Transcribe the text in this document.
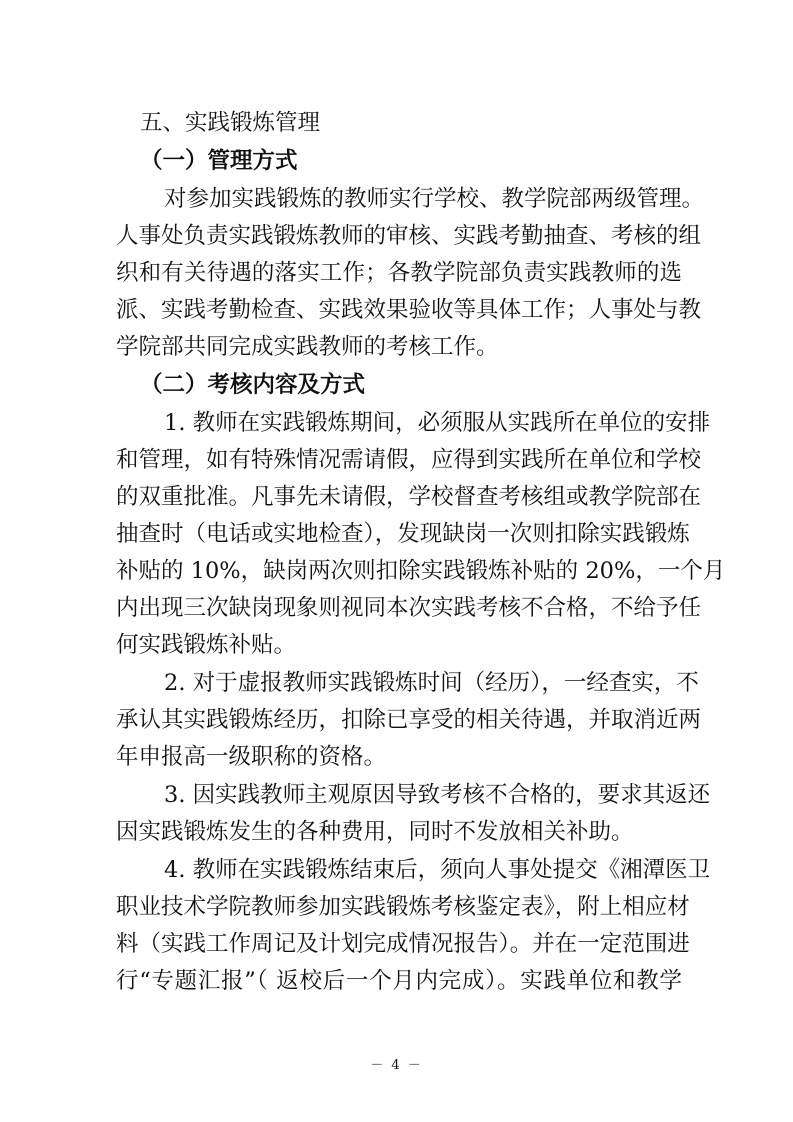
五、实践锻炼管理
（一）管理方式
对参加实践锻炼的教师实行学校、教学院部两级管理。
人事处负责实践锻炼教师的审核、实践考勤抽查、考核的组
织和有关待遇的落实工作；各教学院部负责实践教师的选
派、实践考勤检查、实践效果验收等具体工作；人事处与教
学院部共同完成实践教师的考核工作。
（二）考核内容及方式
1. 教师在实践锻炼期间，必须服从实践所在单位的安排
和管理，如有特殊情况需请假，应得到实践所在单位和学校
的双重批准。凡事先未请假，学校督查考核组或教学院部在
抽查时（电话或实地检查），发现缺岗一次则扣除实践锻炼
补贴的 10%，缺岗两次则扣除实践锻炼补贴的 20%，一个月
内出现三次缺岗现象则视同本次实践考核不合格，不给予任
何实践锻炼补贴。
2. 对于虚报教师实践锻炼时间（经历），一经查实，不
承认其实践锻炼经历，扣除已享受的相关待遇，并取消近两
年申报高一级职称的资格。
3. 因实践教师主观原因导致考核不合格的，要求其返还
因实践锻炼发生的各种费用，同时不发放相关补助。
4. 教师在实践锻炼结束后，须向人事处提交《湘潭医卫
职业技术学院教师参加实践锻炼考核鉴定表》，附上相应材
料（实践工作周记及计划完成情况报告）。并在一定范围进
行“专题汇报”（ 返校后一个月内完成）。实践单位和教学
－ 4 －
